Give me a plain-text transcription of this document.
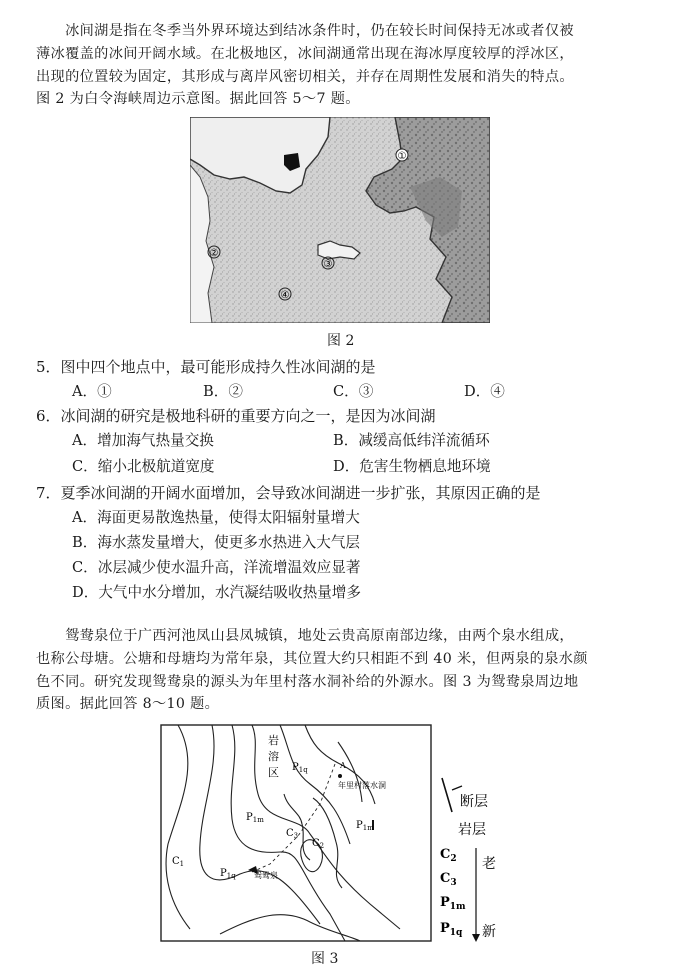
　　冰间湖是指在冬季当外界环境达到结冰条件时，仍在较长时间保持无冰或者仅被

薄冰覆盖的冰间开阔水域。在北极地区，冰间湖通常出现在海冰厚度较厚的浮冰区，

出现的位置较为固定，其形成与离岸风密切相关，并存在周期性发展和消失的特点。

图 2 为白令海峡周边示意图。据此回答 5～7 题。

①
②
③
④
图 2
5．图中四个地点中，最可能形成持久性冰间湖的是
A．①	B．②	C．③	D．④
6．冰间湖的研究是极地科研的重要方向之一，是因为冰间湖
A．增加海气热量交换	B．减缓高低纬洋流循环
C．缩小北极航道宽度	D．危害生物栖息地环境
7．夏季冰间湖的开阔水面增加，会导致冰间湖进一步扩张，其原因正确的是
A．海面更易散逸热量，使得太阳辐射量增大
B．海水蒸发量增大，使更多水热进入大气层
C．冰层减少使水温升高，洋流增温效应显著
D．大气中水分增加，水汽凝结吸收热量增多

　　鸳鸯泉位于广西河池凤山县凤城镇，地处云贵高原南部边缘，由两个泉水组成，

也称公母塘。公塘和母塘均为常年泉，其位置大约只相距不到 40 米，但两泉的泉水颜

色不同。研究发现鸳鸯泉的源头为年里村落水洞补给的外源水。图 3 为鸳鸯泉周边地

质图。据此回答 8～10 题。

岩
溶
区 $P_{1q}$
$P_{1m}$
$C_3$
$C_2$
$C_1$
$P_{1q}$ 鸳鸯泉
年里村落水洞
A
$P_{1m}$
断层
岩层
$C_2$
$C_3$
$P_{1m}$
$P_{1q}$
老
新
图 3
